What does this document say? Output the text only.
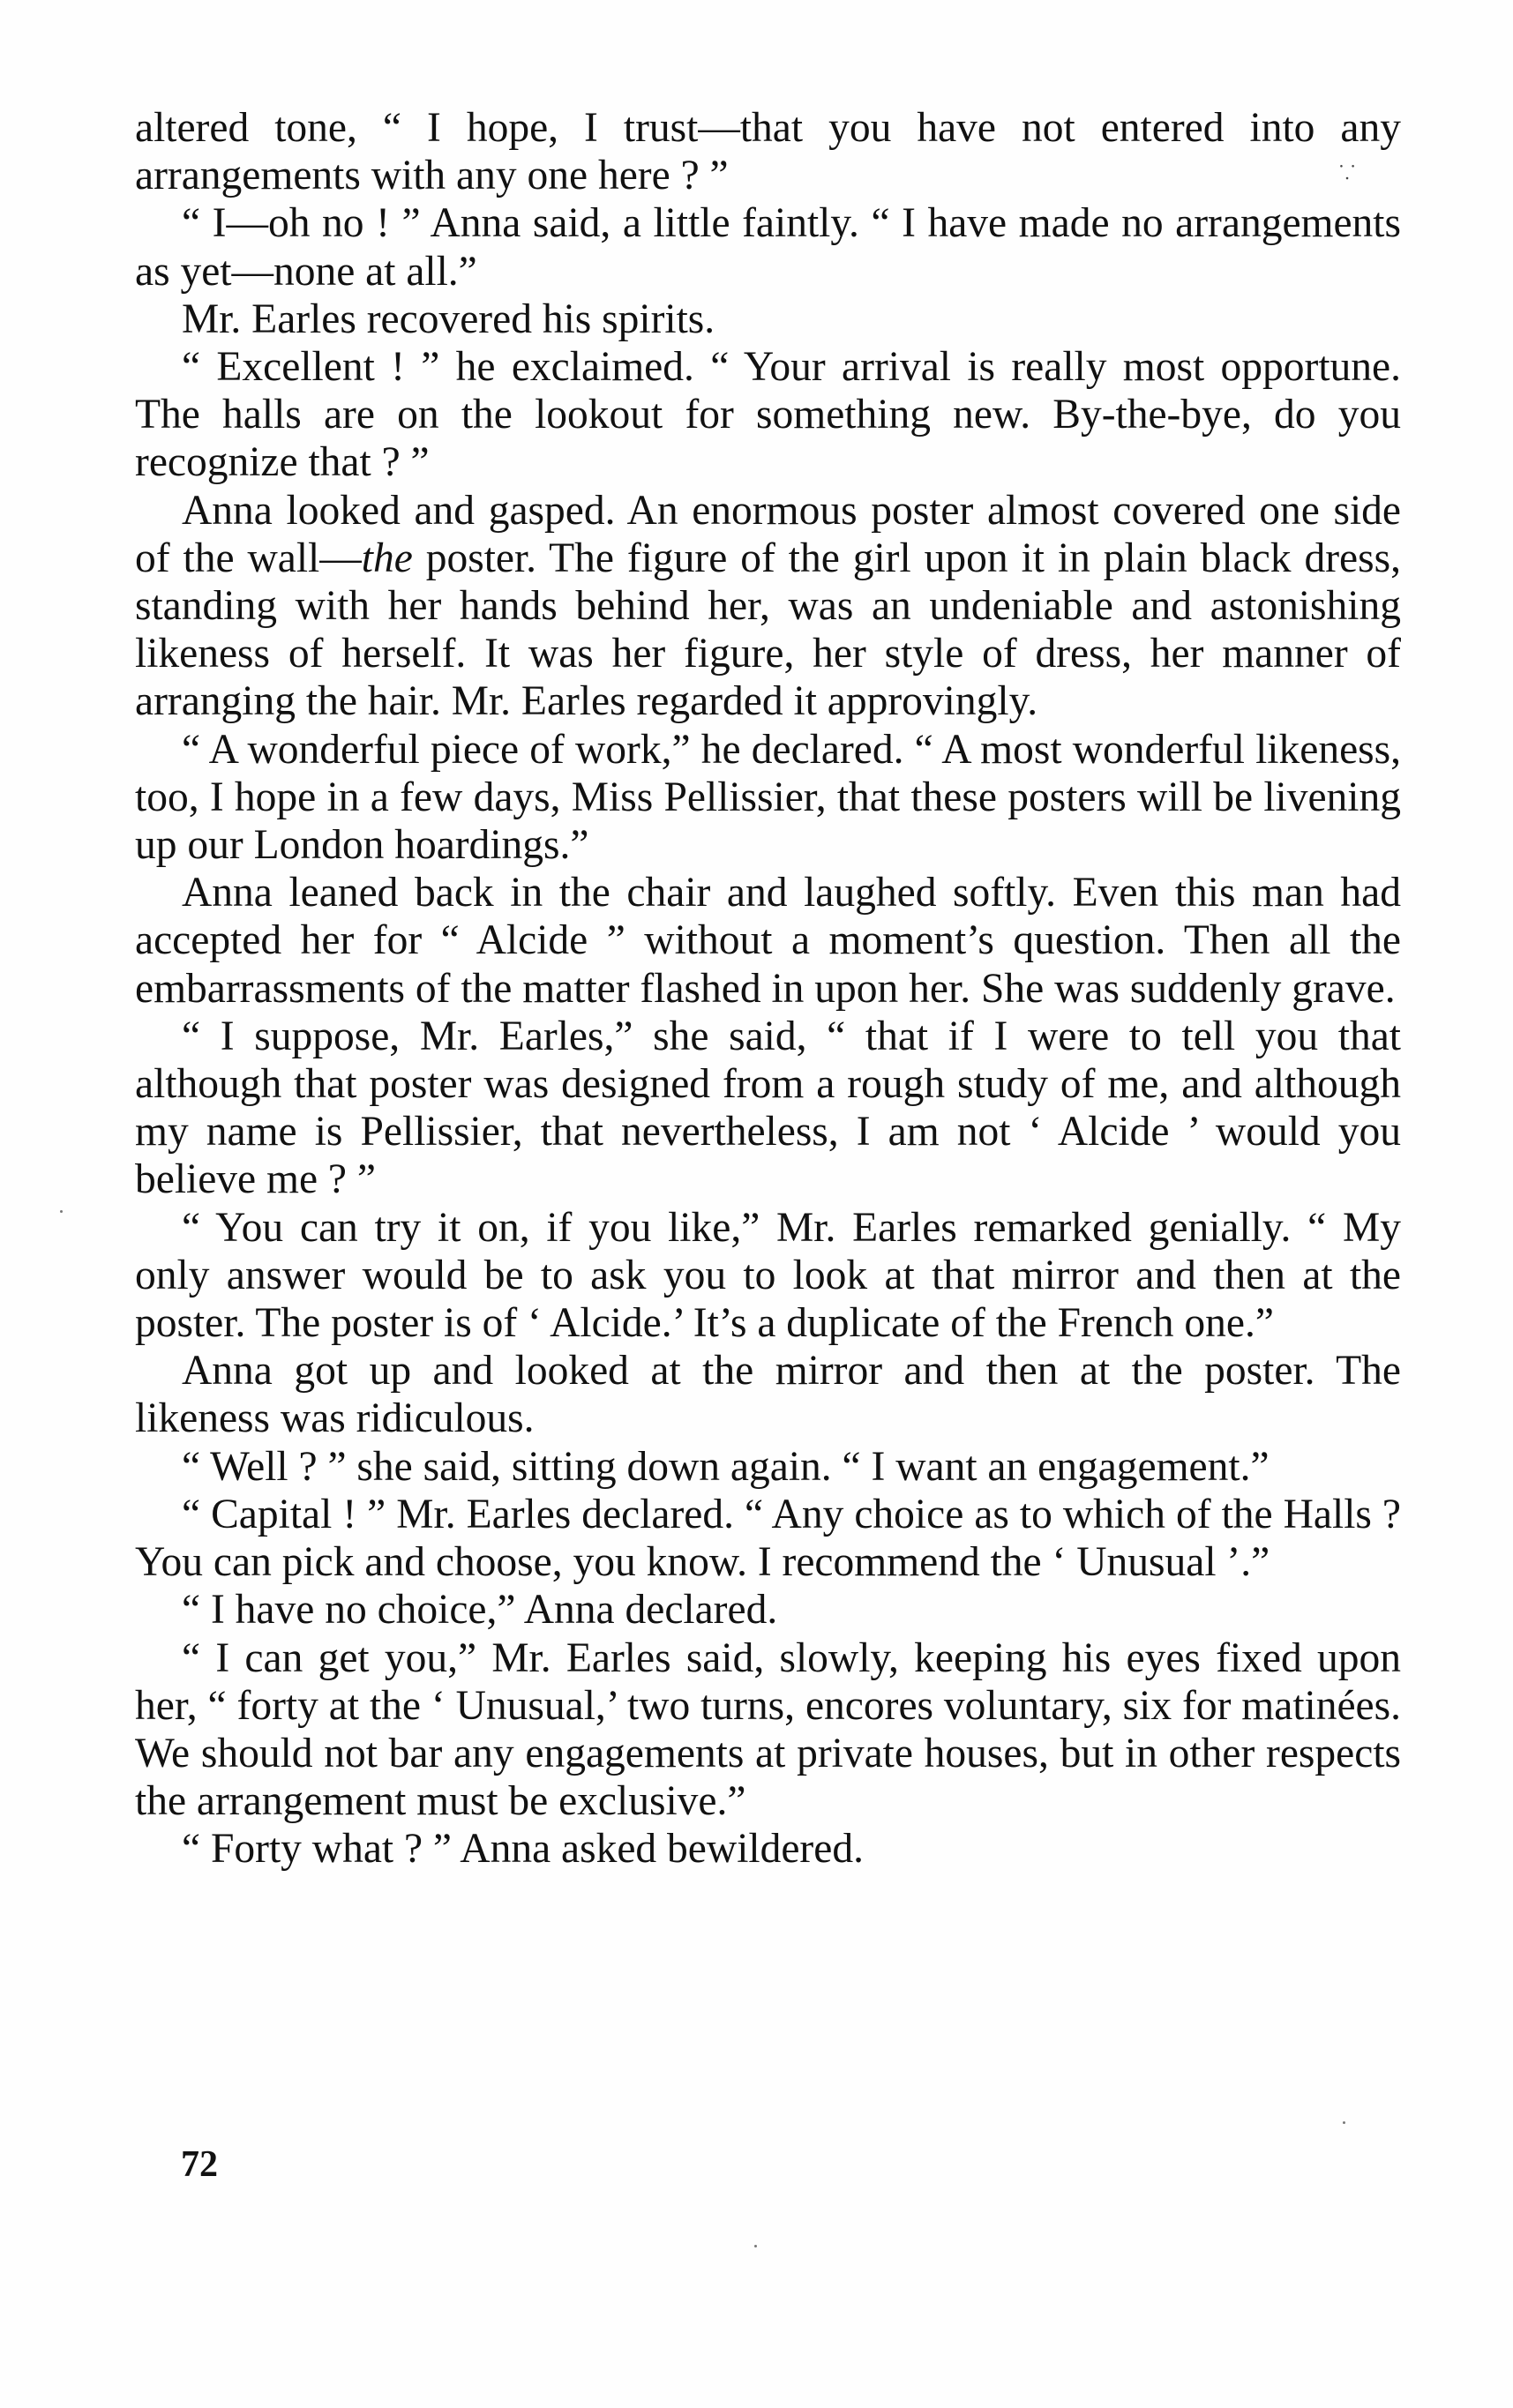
altered tone, “ I hope, I trust—that you have not entered into any arrangements with any one here ? ”

“ I—oh no ! ” Anna said, a little faintly. “ I have made no arrangements as yet—none at all.”

Mr. Earles recovered his spirits.

“ Excellent ! ” he exclaimed. “ Your arrival is really most opportune. The halls are on the lookout for something new. By-the-bye, do you recognize that ? ”

Anna looked and gasped. An enormous poster almost covered one side of the wall—the poster. The figure of the girl upon it in plain black dress, standing with her hands behind her, was an undeniable and astonishing likeness of herself. It was her figure, her style of dress, her manner of arranging the hair. Mr. Earles regarded it approvingly.

“ A wonderful piece of work,” he declared. “ A most wonderful likeness, too, I hope in a few days, Miss Pellissier, that these posters will be livening up our London hoardings.”

Anna leaned back in the chair and laughed softly. Even this man had accepted her for “ Alcide ” without a moment’s question. Then all the embarrassments of the matter flashed in upon her. She was suddenly grave.

“ I suppose, Mr. Earles,” she said, “ that if I were to tell you that although that poster was designed from a rough study of me, and although my name is Pellissier, that nevertheless, I am not ‘ Alcide ’ would you believe me ? ”

“ You can try it on, if you like,” Mr. Earles remarked genially. “ My only answer would be to ask you to look at that mirror and then at the poster. The poster is of ‘ Alcide.’ It’s a duplicate of the French one.”

Anna got up and looked at the mirror and then at the poster. The likeness was ridiculous.

“ Well ? ” she said, sitting down again. “ I want an engagement.”

“ Capital ! ” Mr. Earles declared. “ Any choice as to which of the Halls ? You can pick and choose, you know. I recommend the ‘ Unusual ’.”

“ I have no choice,” Anna declared.

“ I can get you,” Mr. Earles said, slowly, keeping his eyes fixed upon her, “ forty at the ‘ Unusual,’ two turns, encores voluntary, six for matinées. We should not bar any engagements at private houses, but in other respects the arrangement must be exclusive.”

“ Forty what ? ” Anna asked bewildered.

72
⸪
